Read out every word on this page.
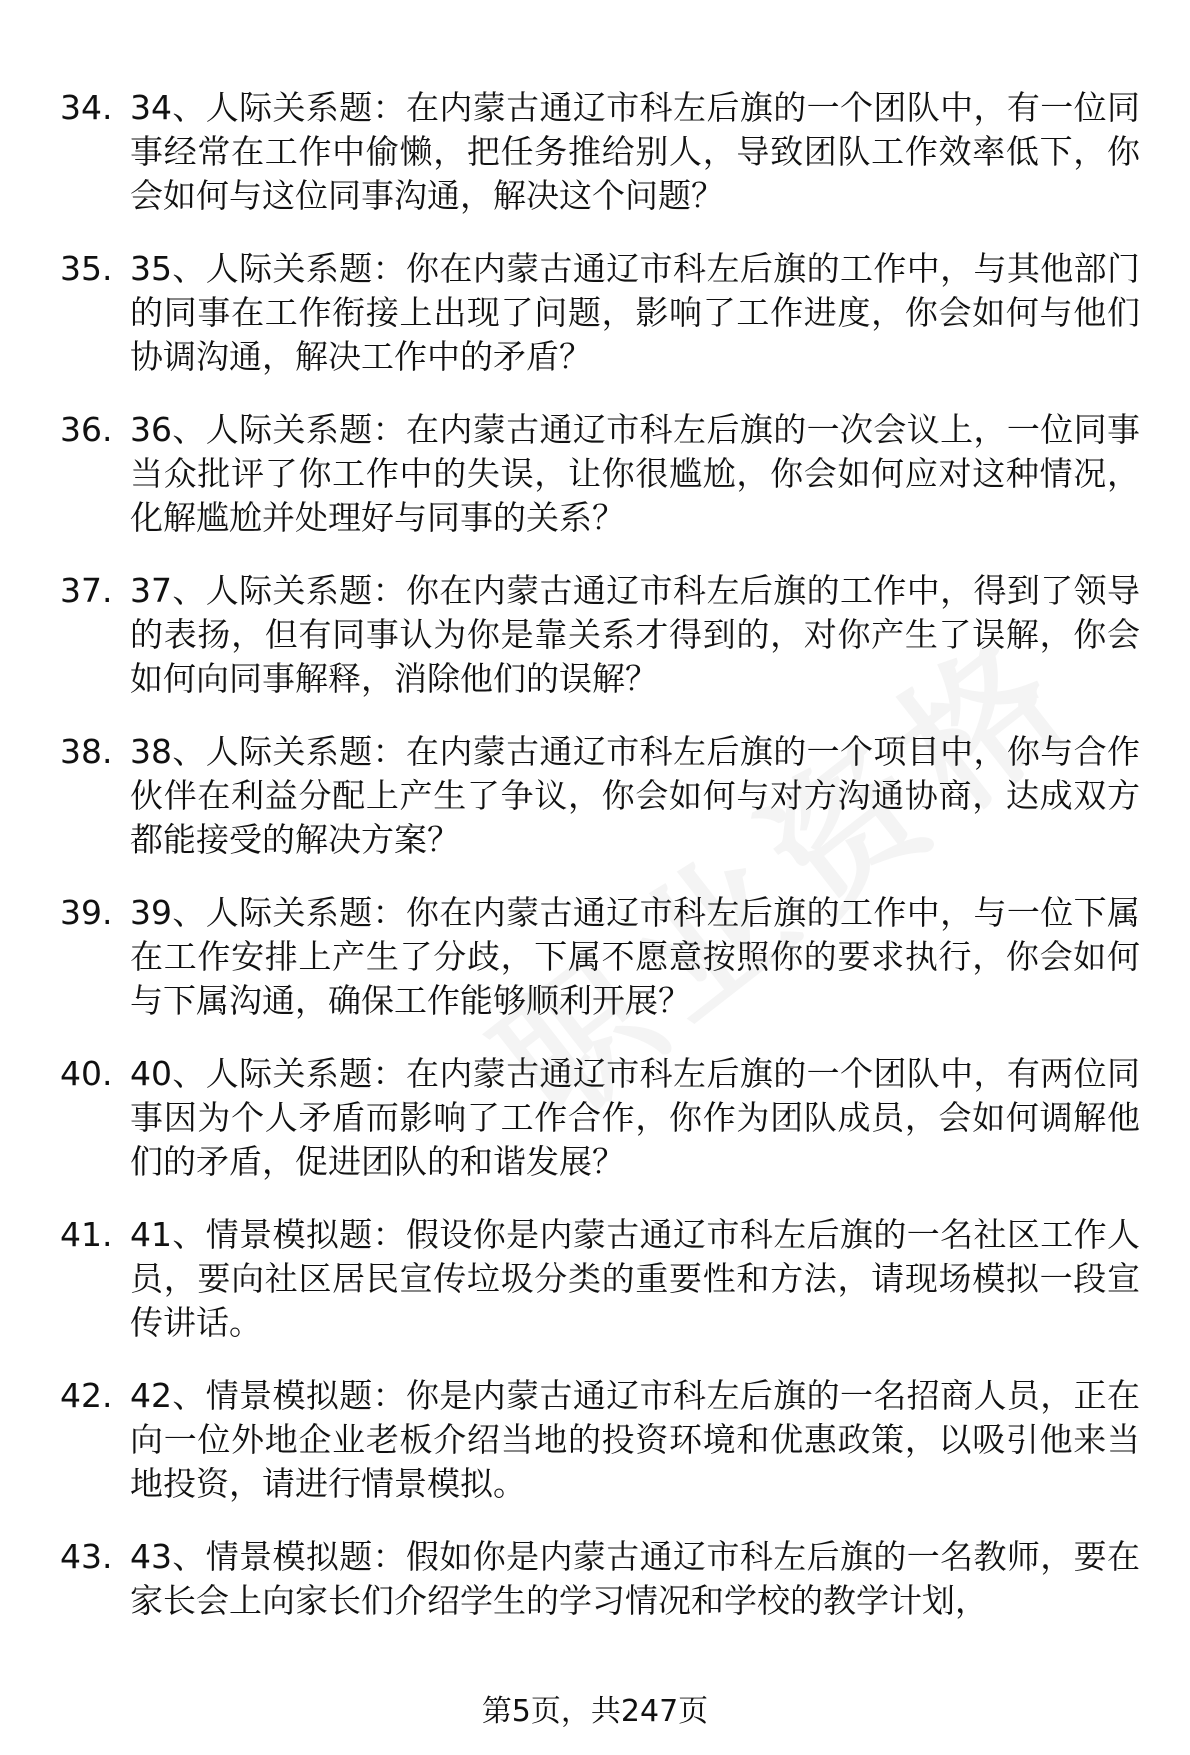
34. 34、人际关系题：在内蒙古通辽市科左后旗的一个团队中，有一位同事经常在工作中偷懒，把任务推给别人，导致团队工作效率低下，你会如何与这位同事沟通，解决这个问题？
35. 35、人际关系题：你在内蒙古通辽市科左后旗的工作中，与其他部门的同事在工作衔接上出现了问题，影响了工作进度，你会如何与他们协调沟通，解决工作中的矛盾？
36. 36、人际关系题：在内蒙古通辽市科左后旗的一次会议上，一位同事当众批评了你工作中的失误，让你很尴尬，你会如何应对这种情况，化解尴尬并处理好与同事的关系？
37. 37、人际关系题：你在内蒙古通辽市科左后旗的工作中，得到了领导的表扬，但有同事认为你是靠关系才得到的，对你产生了误解，你会如何向同事解释，消除他们的误解？
38. 38、人际关系题：在内蒙古通辽市科左后旗的一个项目中，你与合作伙伴在利益分配上产生了争议，你会如何与对方沟通协商，达成双方都能接受的解决方案？
39. 39、人际关系题：你在内蒙古通辽市科左后旗的工作中，与一位下属在工作安排上产生了分歧，下属不愿意按照你的要求执行，你会如何与下属沟通，确保工作能够顺利开展？
40. 40、人际关系题：在内蒙古通辽市科左后旗的一个团队中，有两位同事因为个人矛盾而影响了工作合作，你作为团队成员，会如何调解他们的矛盾，促进团队的和谐发展？
41. 41、情景模拟题：假设你是内蒙古通辽市科左后旗的一名社区工作人员，要向社区居民宣传垃圾分类的重要性和方法，请现场模拟一段宣传讲话。
42. 42、情景模拟题：你是内蒙古通辽市科左后旗的一名招商人员，正在向一位外地企业老板介绍当地的投资环境和优惠政策，以吸引他来当地投资，请进行情景模拟。
43. 43、情景模拟题：假如你是内蒙古通辽市科左后旗的一名教师，要在家长会上向家长们介绍学生的学习情况和学校的教学计划，
第5页，共247页
